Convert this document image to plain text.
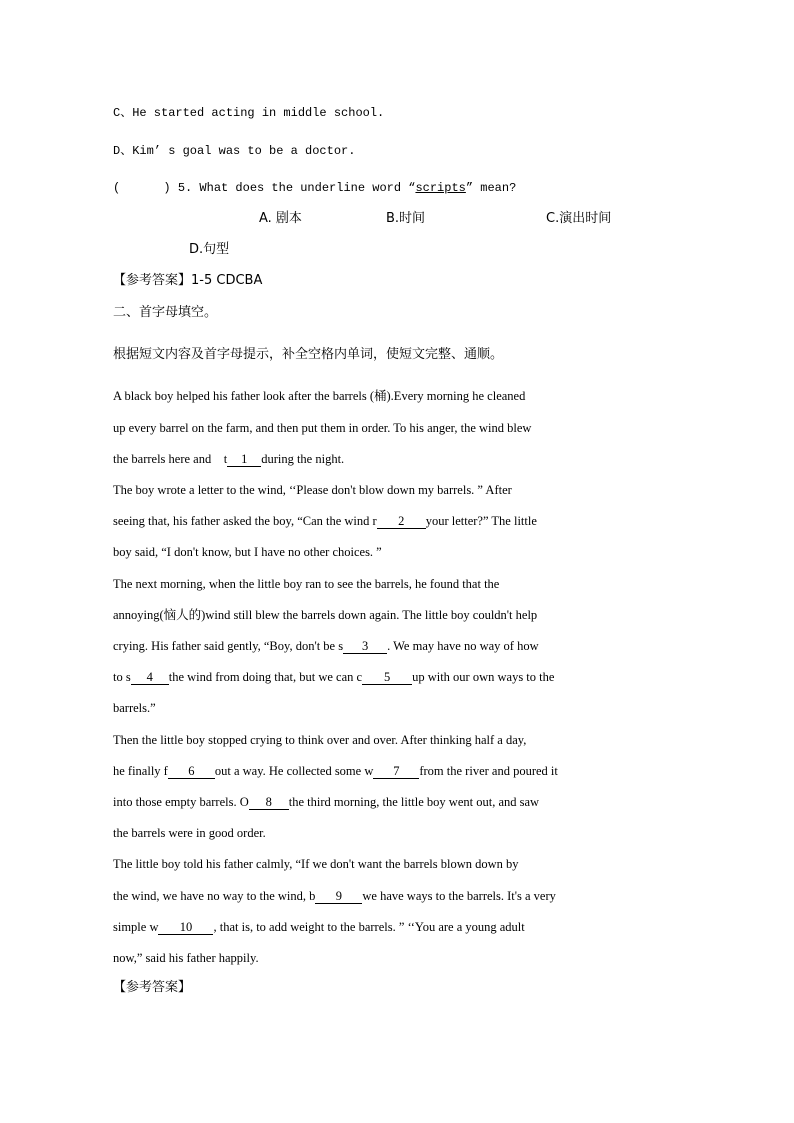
C、He started acting in middle school.
D、Kim’ s goal was to be a doctor.
(      ) 5. What does the underline word “scripts” mean?
A. 剧本	B.时间	C.演出时间
D.句型
【参考答案】1-5 CDCBA
二、首字母填空。
根据短文内容及首字母提示，补全空格内单词，使短文完整、通顺。
A black boy helped his father look after the barrels (桶).Every morning he cleaned
up every barrel on the farm, and then put them in order. To his anger, the wind blew
the barrels here and    t 1 during the night.
The boy wrote a letter to the wind, ‘‘Please don't blow down my barrels. ” After
seeing that, his father asked the boy, “Can the wind r 2 your letter?” The little
boy said, “I don't know, but I have no other choices. ”
The next morning, when the little boy ran to see the barrels, he found that the
annoying(恼人的)wind still blew the barrels down again. The little boy couldn't help
crying. His father said gently, “Boy, don't be s 3 . We may have no way of how
to s 4 the wind from doing that, but we can c 5 up with our own ways to the
barrels.”
Then the little boy stopped crying to think over and over. After thinking half a day,
he finally f 6 out a way. He collected some w 7 from the river and poured it
into those empty barrels. O 8 the third morning, the little boy went out, and saw
the barrels were in good order.
The little boy told his father calmly, “If we don't want the barrels blown down by
the wind, we have no way to the wind, b 9 we have ways to the barrels. It's a very
simple w 10 , that is, to add weight to the barrels. ” ‘‘You are a young adult
now,” said his father happily.
【参考答案】
